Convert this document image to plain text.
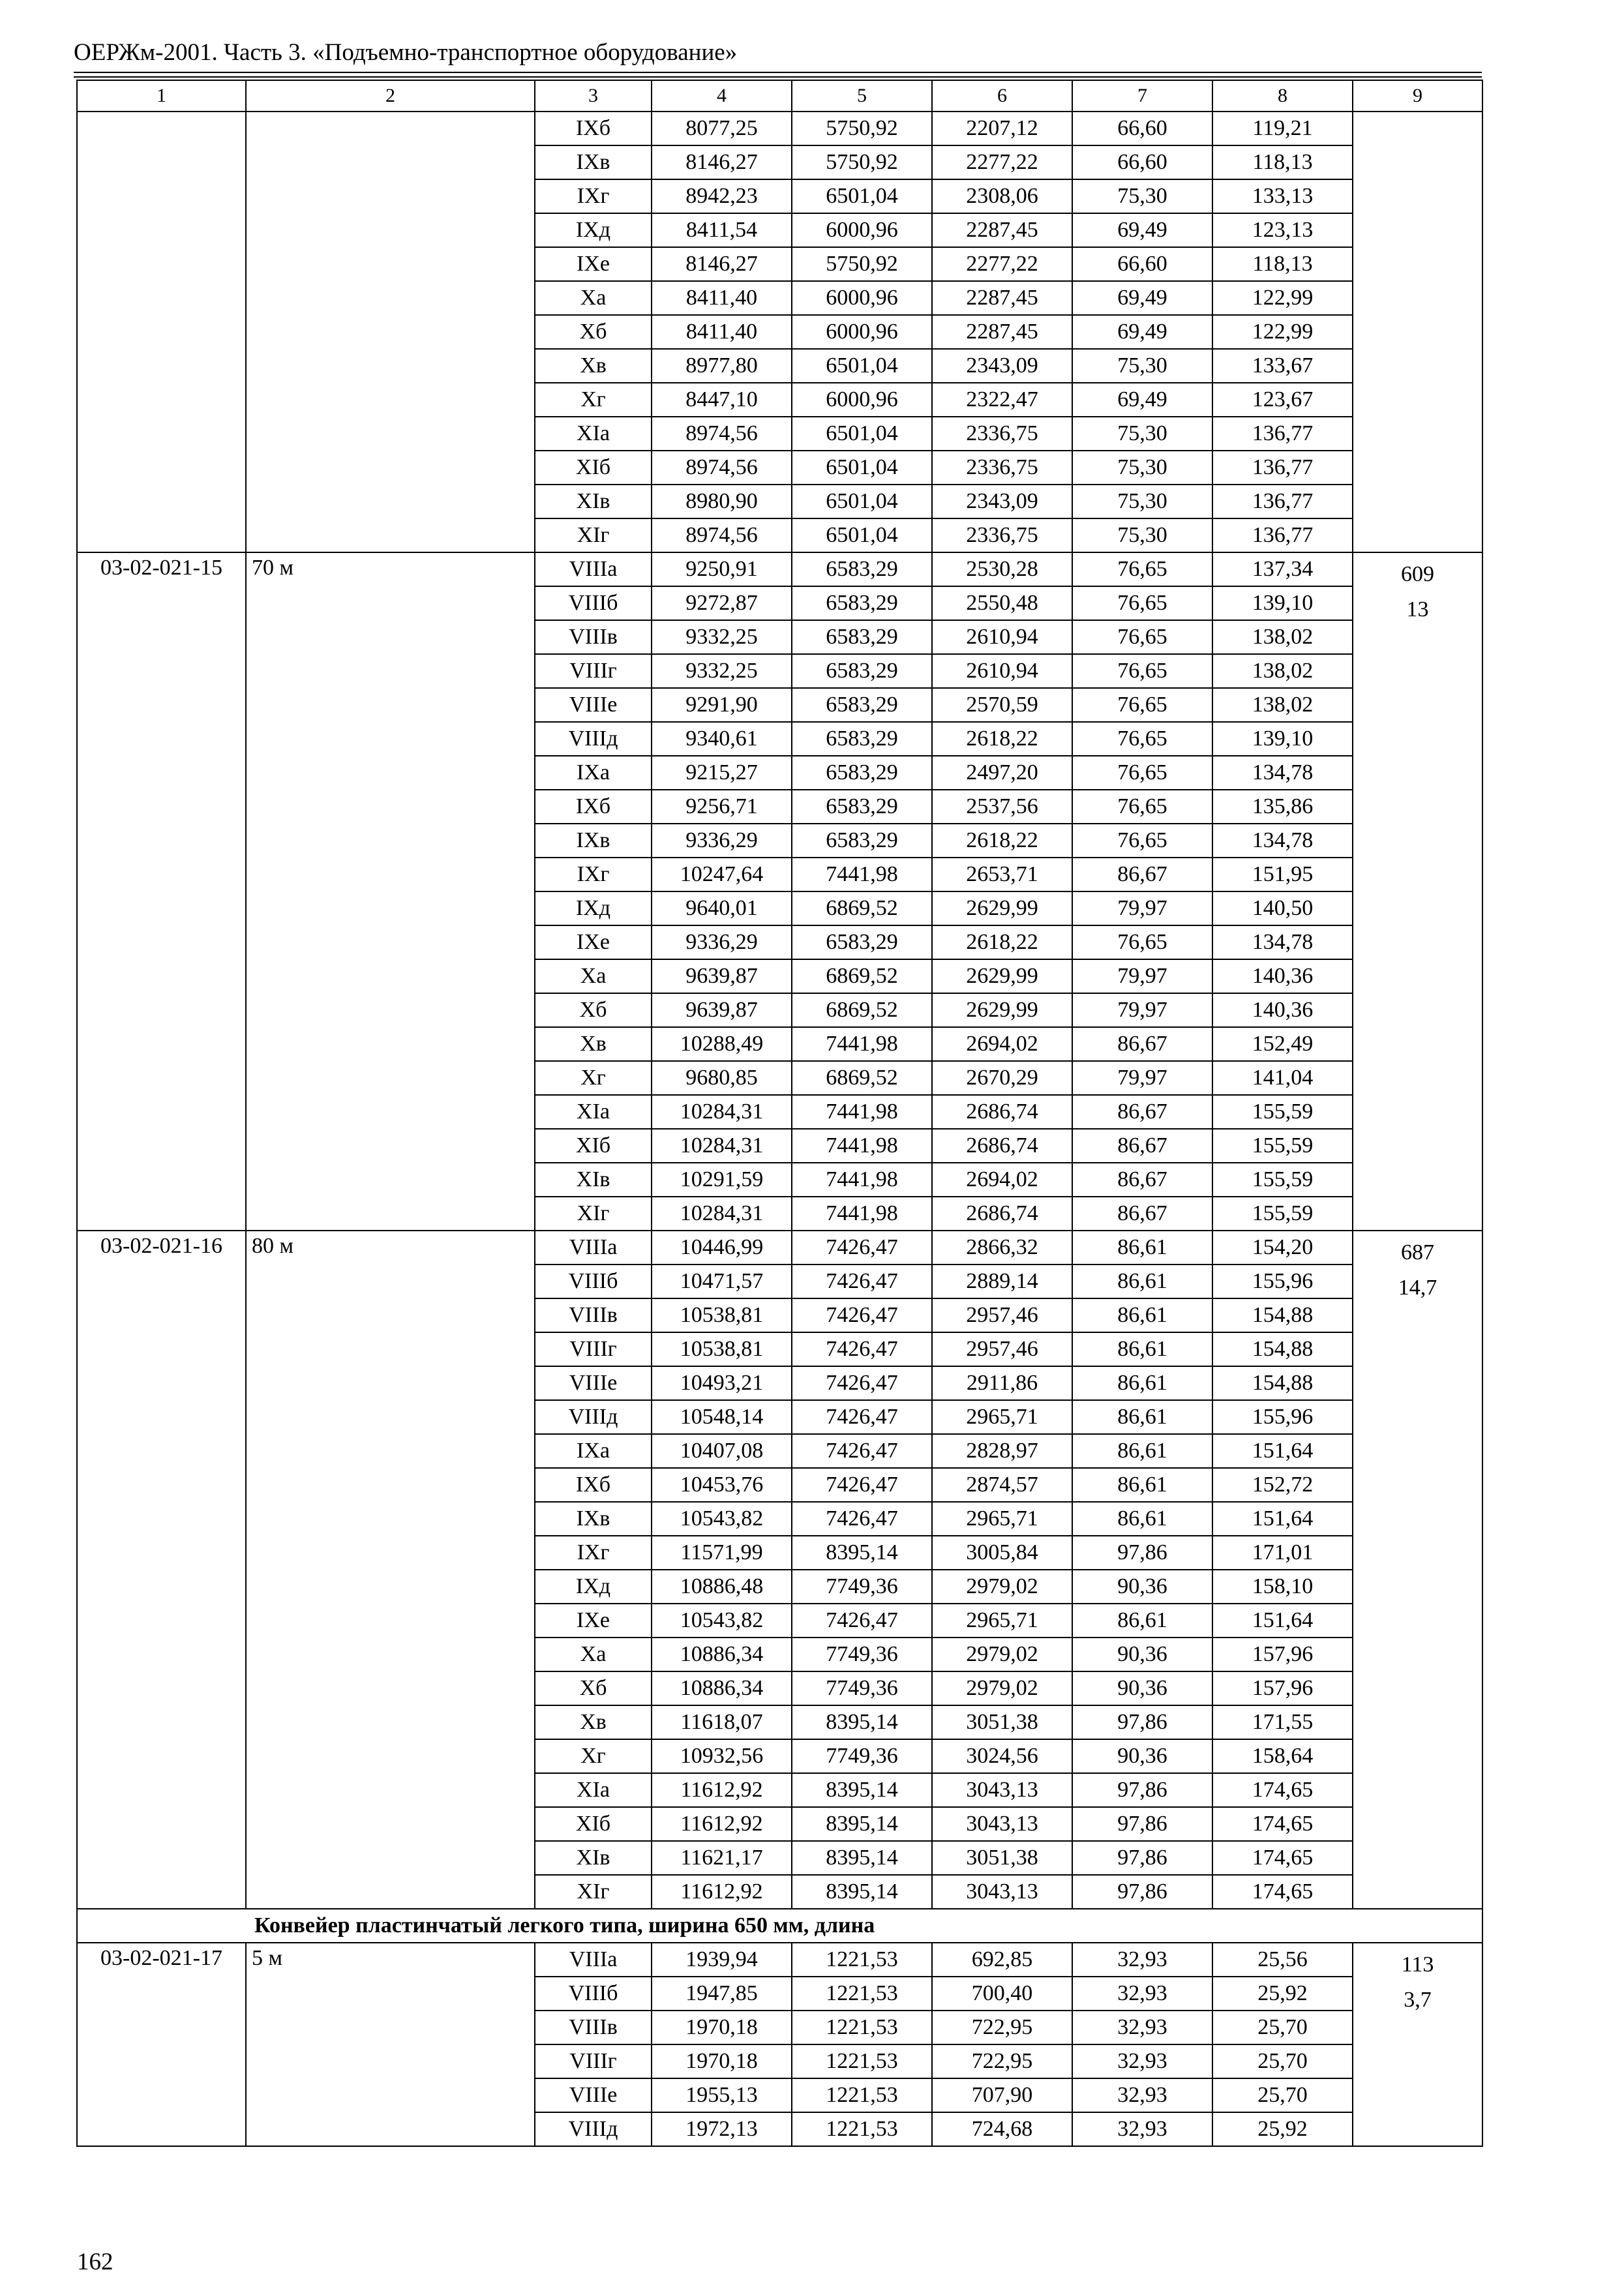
ОЕРЖм-2001. Часть 3. «Подъемно-транспортное оборудование»
1	2	3	4	5	6	7	8	9
		IXб	8077,25	5750,92	2207,12	66,60	119,21	
		IXв	8146,27	5750,92	2277,22	66,60	118,13	
		IXг	8942,23	6501,04	2308,06	75,30	133,13	
		IXд	8411,54	6000,96	2287,45	69,49	123,13	
		IXе	8146,27	5750,92	2277,22	66,60	118,13	
		Xа	8411,40	6000,96	2287,45	69,49	122,99	
		Xб	8411,40	6000,96	2287,45	69,49	122,99	
		Xв	8977,80	6501,04	2343,09	75,30	133,67	
		Xг	8447,10	6000,96	2322,47	69,49	123,67	
		XIа	8974,56	6501,04	2336,75	75,30	136,77	
		XIб	8974,56	6501,04	2336,75	75,30	136,77	
		XIв	8980,90	6501,04	2343,09	75,30	136,77	
		XIг	8974,56	6501,04	2336,75	75,30	136,77	
03-02-021-15	70 м	VIIIа	9250,91	6583,29	2530,28	76,65	137,34	609
13

		VIIIб	9272,87	6583,29	2550,48	76,65	139,10	
		VIIIв	9332,25	6583,29	2610,94	76,65	138,02	
		VIIIг	9332,25	6583,29	2610,94	76,65	138,02	
		VIIIе	9291,90	6583,29	2570,59	76,65	138,02	
		VIIIд	9340,61	6583,29	2618,22	76,65	139,10	
		IXа	9215,27	6583,29	2497,20	76,65	134,78	
		IXб	9256,71	6583,29	2537,56	76,65	135,86	
		IXв	9336,29	6583,29	2618,22	76,65	134,78	
		IXг	10247,64	7441,98	2653,71	86,67	151,95	
		IXд	9640,01	6869,52	2629,99	79,97	140,50	
		IXе	9336,29	6583,29	2618,22	76,65	134,78	
		Xа	9639,87	6869,52	2629,99	79,97	140,36	
		Xб	9639,87	6869,52	2629,99	79,97	140,36	
		Xв	10288,49	7441,98	2694,02	86,67	152,49	
		Xг	9680,85	6869,52	2670,29	79,97	141,04	
		XIа	10284,31	7441,98	2686,74	86,67	155,59	
		XIб	10284,31	7441,98	2686,74	86,67	155,59	
		XIв	10291,59	7441,98	2694,02	86,67	155,59	
		XIг	10284,31	7441,98	2686,74	86,67	155,59	
03-02-021-16	80 м	VIIIа	10446,99	7426,47	2866,32	86,61	154,20	687
14,7

		VIIIб	10471,57	7426,47	2889,14	86,61	155,96	
		VIIIв	10538,81	7426,47	2957,46	86,61	154,88	
		VIIIг	10538,81	7426,47	2957,46	86,61	154,88	
		VIIIе	10493,21	7426,47	2911,86	86,61	154,88	
		VIIIд	10548,14	7426,47	2965,71	86,61	155,96	
		IXа	10407,08	7426,47	2828,97	86,61	151,64	
		IXб	10453,76	7426,47	2874,57	86,61	152,72	
		IXв	10543,82	7426,47	2965,71	86,61	151,64	
		IXг	11571,99	8395,14	3005,84	97,86	171,01	
		IXд	10886,48	7749,36	2979,02	90,36	158,10	
		IXе	10543,82	7426,47	2965,71	86,61	151,64	
		Xа	10886,34	7749,36	2979,02	90,36	157,96	
		Xб	10886,34	7749,36	2979,02	90,36	157,96	
		Xв	11618,07	8395,14	3051,38	97,86	171,55	
		Xг	10932,56	7749,36	3024,56	90,36	158,64	
		XIа	11612,92	8395,14	3043,13	97,86	174,65	
		XIб	11612,92	8395,14	3043,13	97,86	174,65	
		XIв	11621,17	8395,14	3051,38	97,86	174,65	
		XIг	11612,92	8395,14	3043,13	97,86	174,65	
Конвейер пластинчатый легкого типа, ширина 650 мм, длина								
03-02-021-17	5 м	VIIIа	1939,94	1221,53	692,85	32,93	25,56	113
3,7

		VIIIб	1947,85	1221,53	700,40	32,93	25,92	
		VIIIв	1970,18	1221,53	722,95	32,93	25,70	
		VIIIг	1970,18	1221,53	722,95	32,93	25,70	
		VIIIе	1955,13	1221,53	707,90	32,93	25,70	
		VIIIд	1972,13	1221,53	724,68	32,93	25,92	
162
